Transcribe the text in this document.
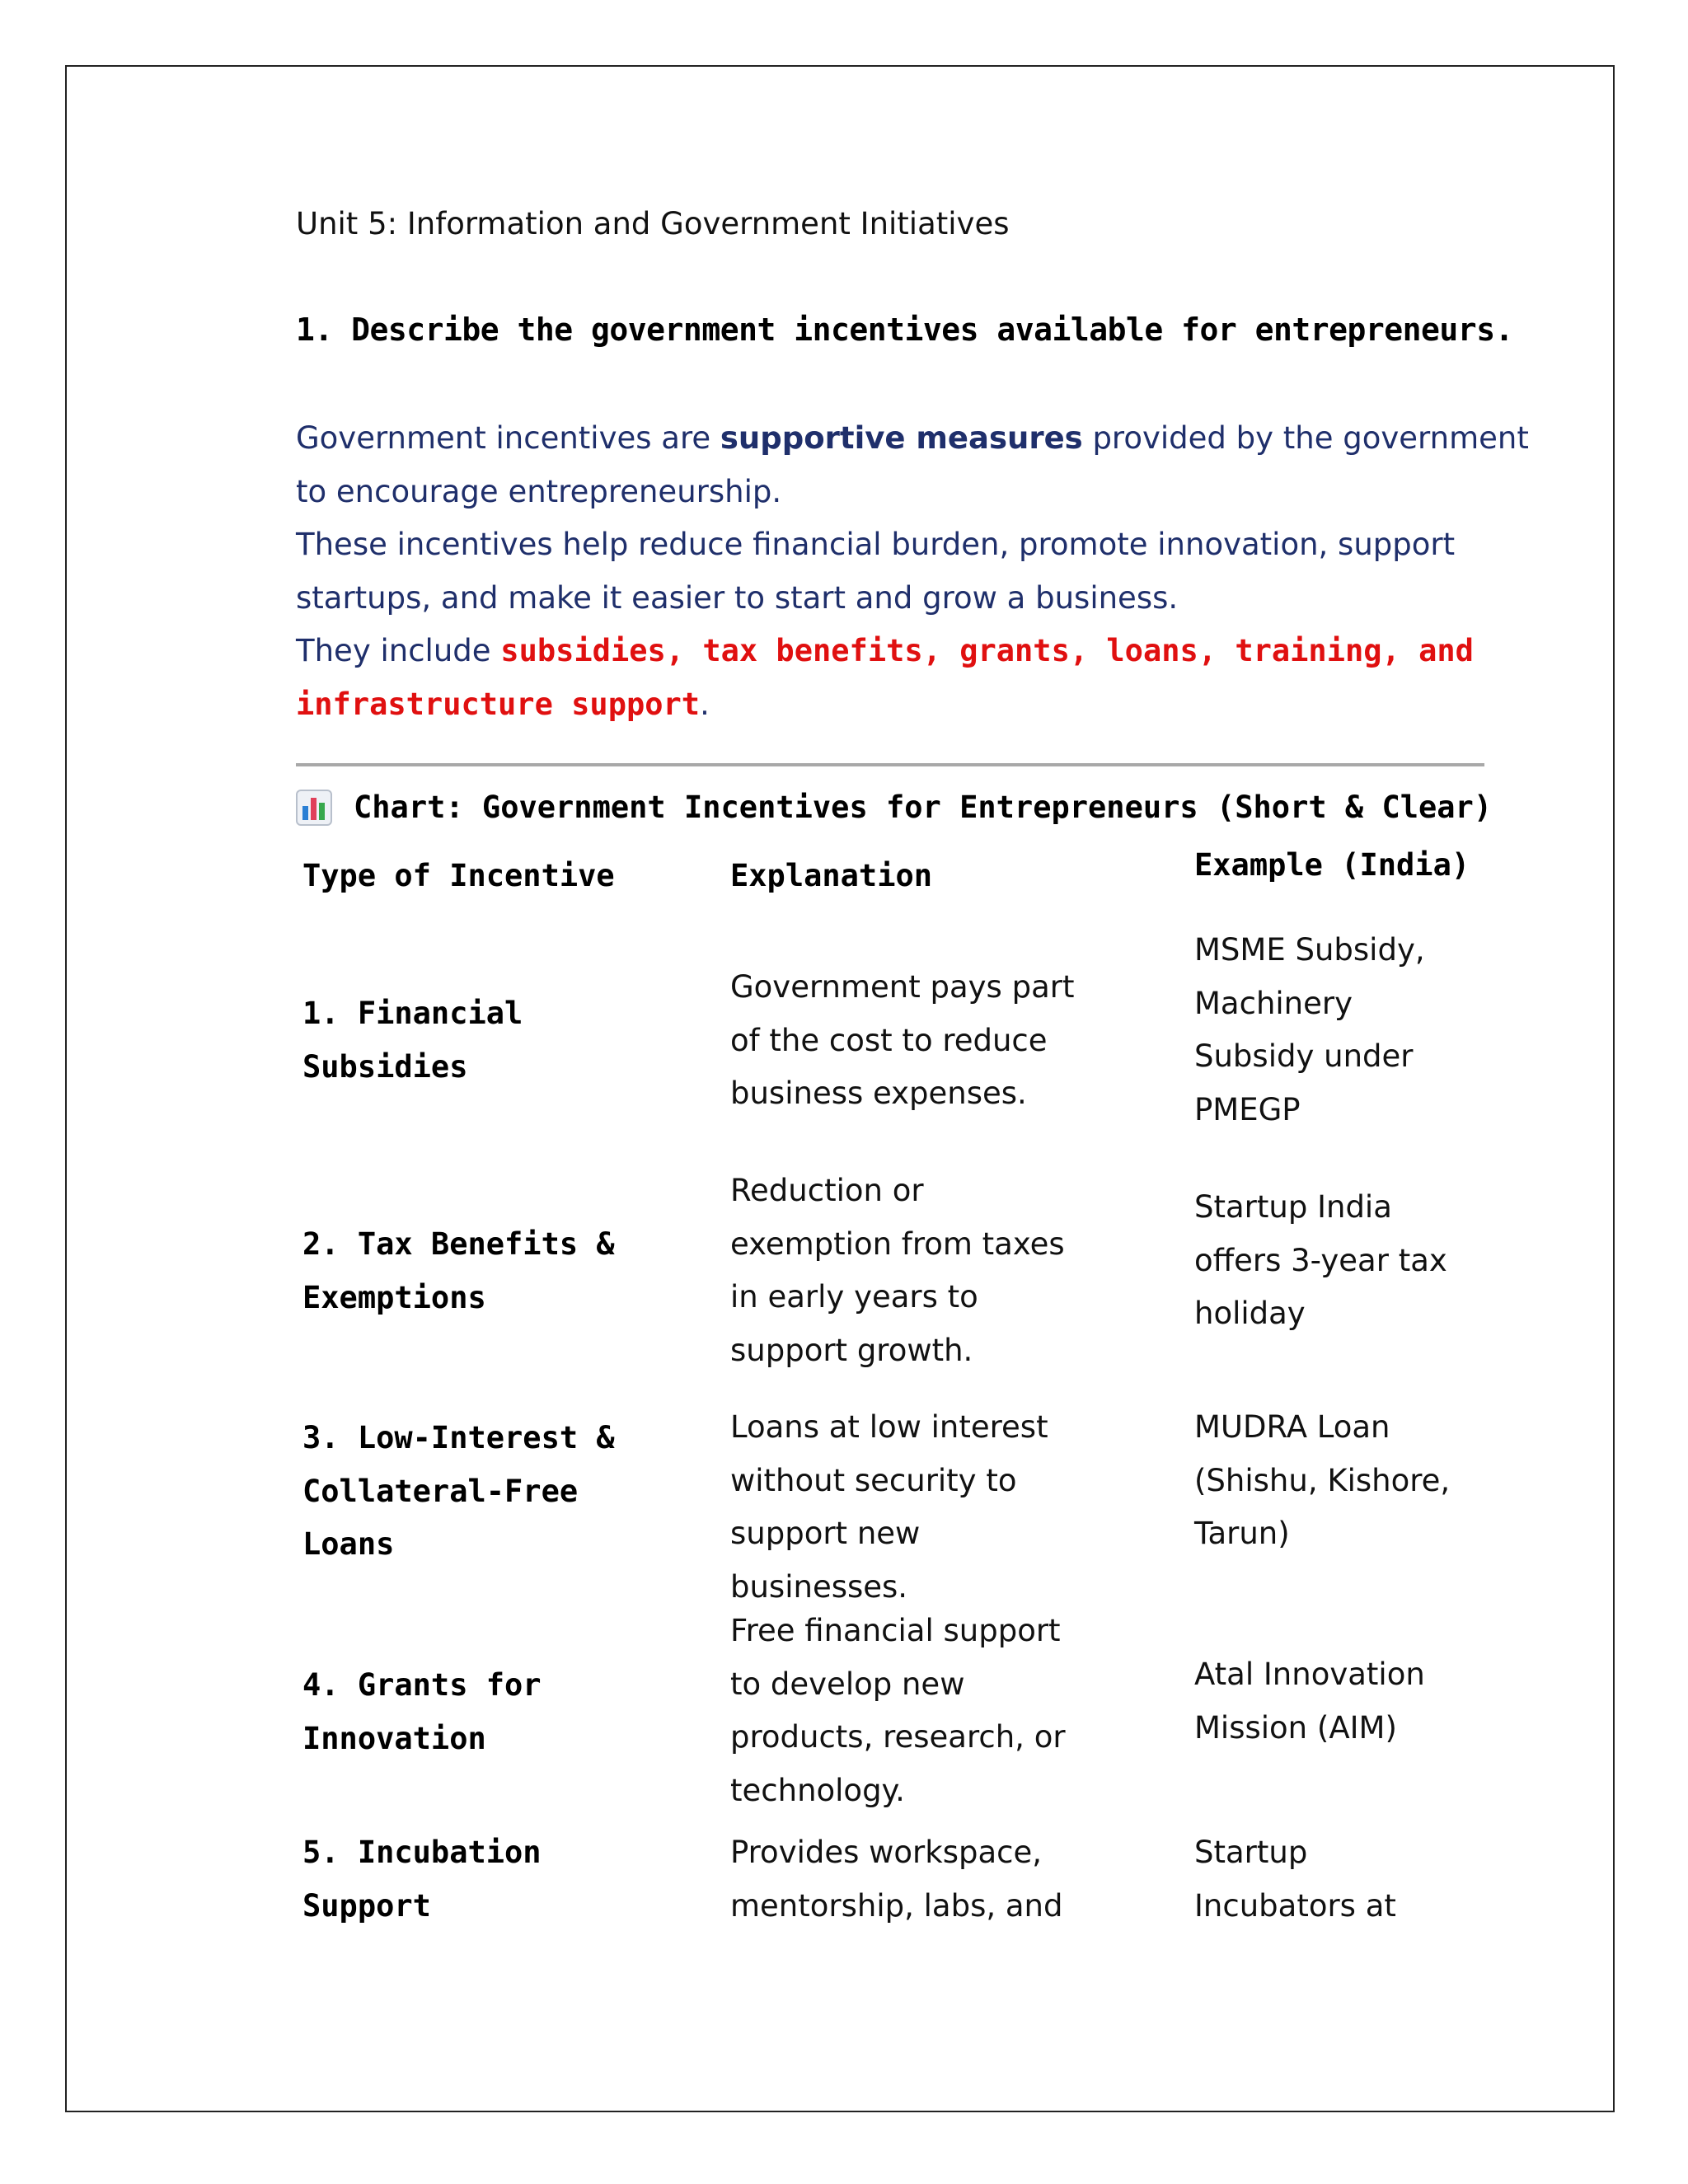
Unit 5: Information and Government Initiatives
1. Describe the government incentives available for entrepreneurs.
Government incentives are supportive measures provided by the government
to encourage entrepreneurship.
These incentives help reduce financial burden, promote innovation, support
startups, and make it easier to start and grow a business.
They include subsidies, tax benefits, grants, loans, training, and
infrastructure support.
Chart: Government Incentives for Entrepreneurs (Short & Clear)
Type of Incentive	Explanation	Example (India)
1. Financial
Subsidies
Government pays part
of the cost to reduce
business expenses.
MSME Subsidy,
Machinery
Subsidy under
PMEGP
2. Tax Benefits &
Exemptions
Reduction or
exemption from taxes
in early years to
support growth.
Startup India
offers 3-year tax
holiday
3. Low-Interest &
Collateral-Free
Loans
Loans at low interest
without security to
support new
businesses.
MUDRA Loan
(Shishu, Kishore,
Tarun)
4. Grants for
Innovation
Free financial support
to develop new
products, research, or
technology.
Atal Innovation
Mission (AIM)
5. Incubation
Support
Provides workspace,
mentorship, labs, and
Startup
Incubators at
